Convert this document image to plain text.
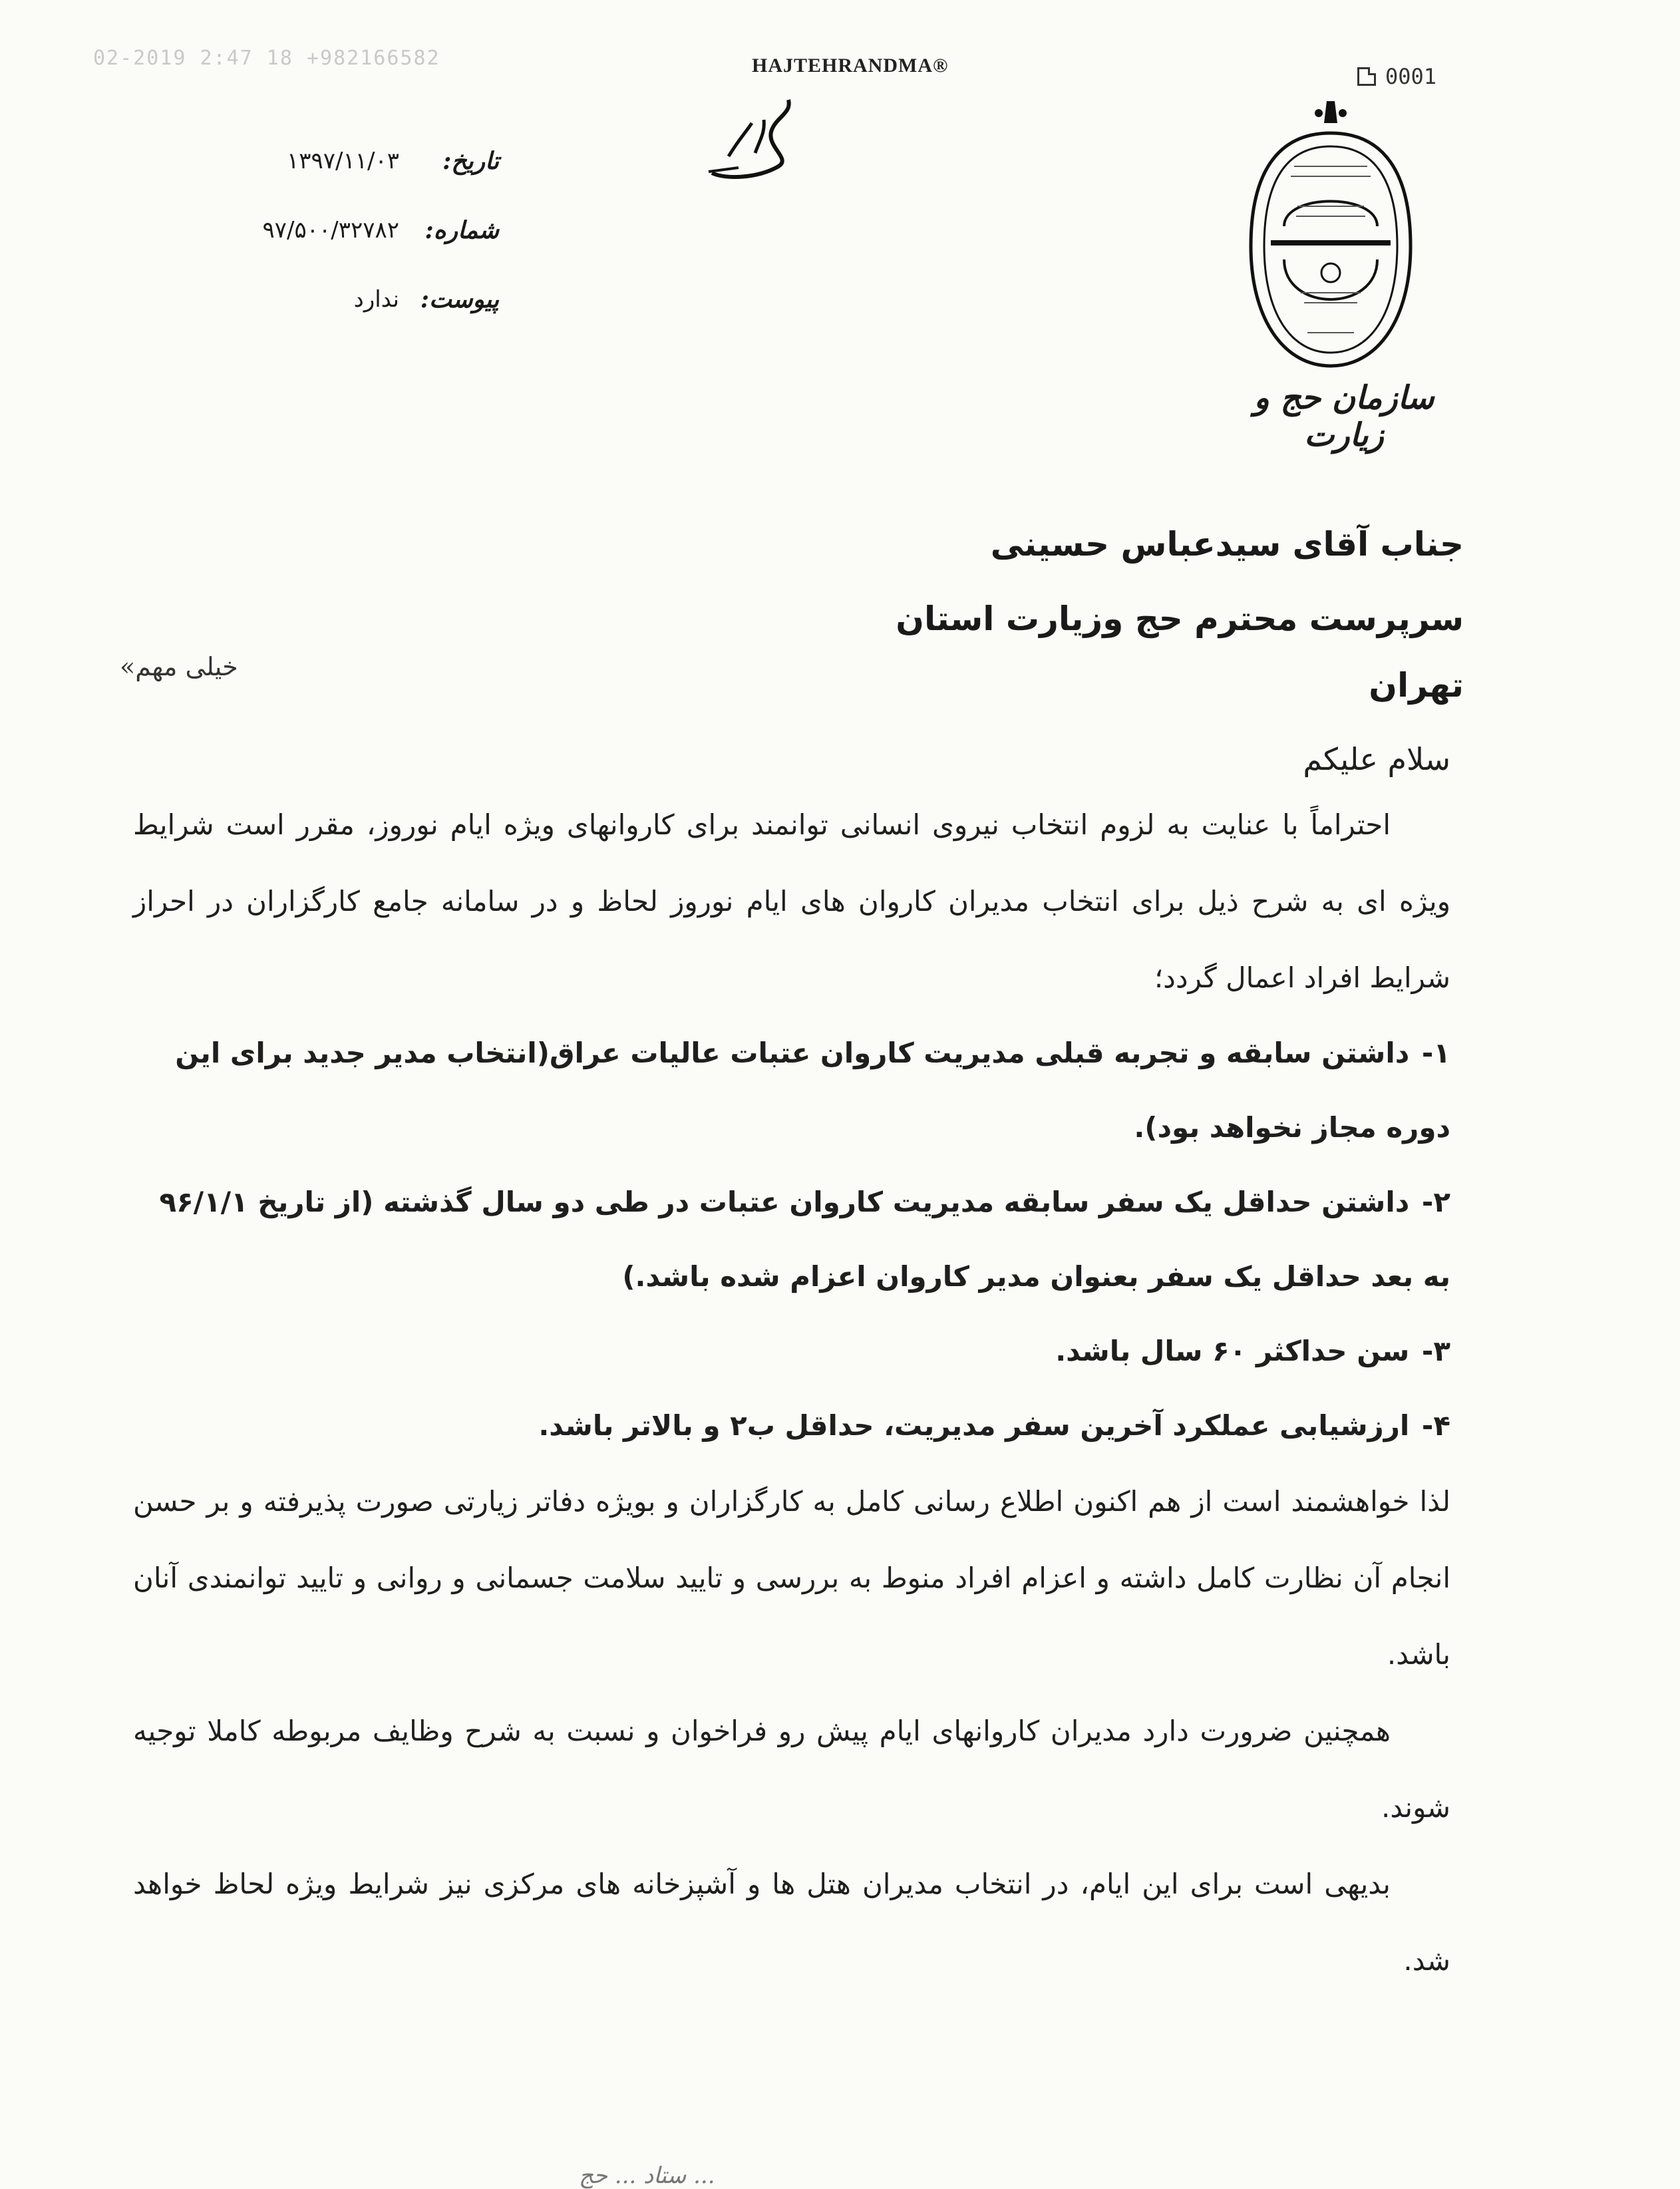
02-2019 2:47 18 +982166582	HAJTEHRANDMA®	0001
تاریخ:
۱۳۹۷/۱۱/۰۳
شماره:
۹۷/۵۰۰/۳۲۷۸۲
پیوست:
ندارد
سازمان حج و زیارت
جناب آقای سیدعباس حسینی
سرپرست محترم حج وزیارت استان تهران
خیلی مهم»
سلام علیکم
احتراماً با عنایت به لزوم انتخاب نیروی انسانی توانمند برای کاروانهای ویژه ایام نوروز، مقرر است شرایط ویژه ای به شرح ذیل برای انتخاب مدیران کاروان های ایام نوروز لحاظ و در سامانه جامع کارگزاران در احراز شرایط افراد اعمال گردد؛
۱- داشتن سابقه و تجربه قبلی مدیریت کاروان عتبات عالیات عراق(انتخاب مدیر جدید برای این دوره مجاز نخواهد بود).
۲- داشتن حداقل یک سفر سابقه مدیریت کاروان عتبات در طی دو سال گذشته (از تاریخ ۹۶/۱/۱ به بعد حداقل یک سفر بعنوان مدیر کاروان اعزام شده باشد.)
۳- سن حداکثر ۶۰ سال باشد.
۴- ارزشیابی عملکرد آخرین سفر مدیریت، حداقل ب۲ و بالاتر باشد.
لذا خواهشمند است از هم اکنون اطلاع رسانی کامل به کارگزاران و بویژه دفاتر زیارتی صورت پذیرفته و بر حسن انجام آن نظارت کامل داشته و اعزام افراد منوط به بررسی و تایید سلامت جسمانی و روانی و تایید توانمندی آنان باشد.
همچنین ضرورت دارد مدیران کاروانهای ایام پیش رو فراخوان و نسبت به شرح وظایف مربوطه کاملا توجیه شوند.
بدیهی است برای این ایام، در انتخاب مدیران هتل ها و آشپزخانه های مرکزی نیز شرایط ویژه لحاظ خواهد شد.
ستاد ... حج ...
